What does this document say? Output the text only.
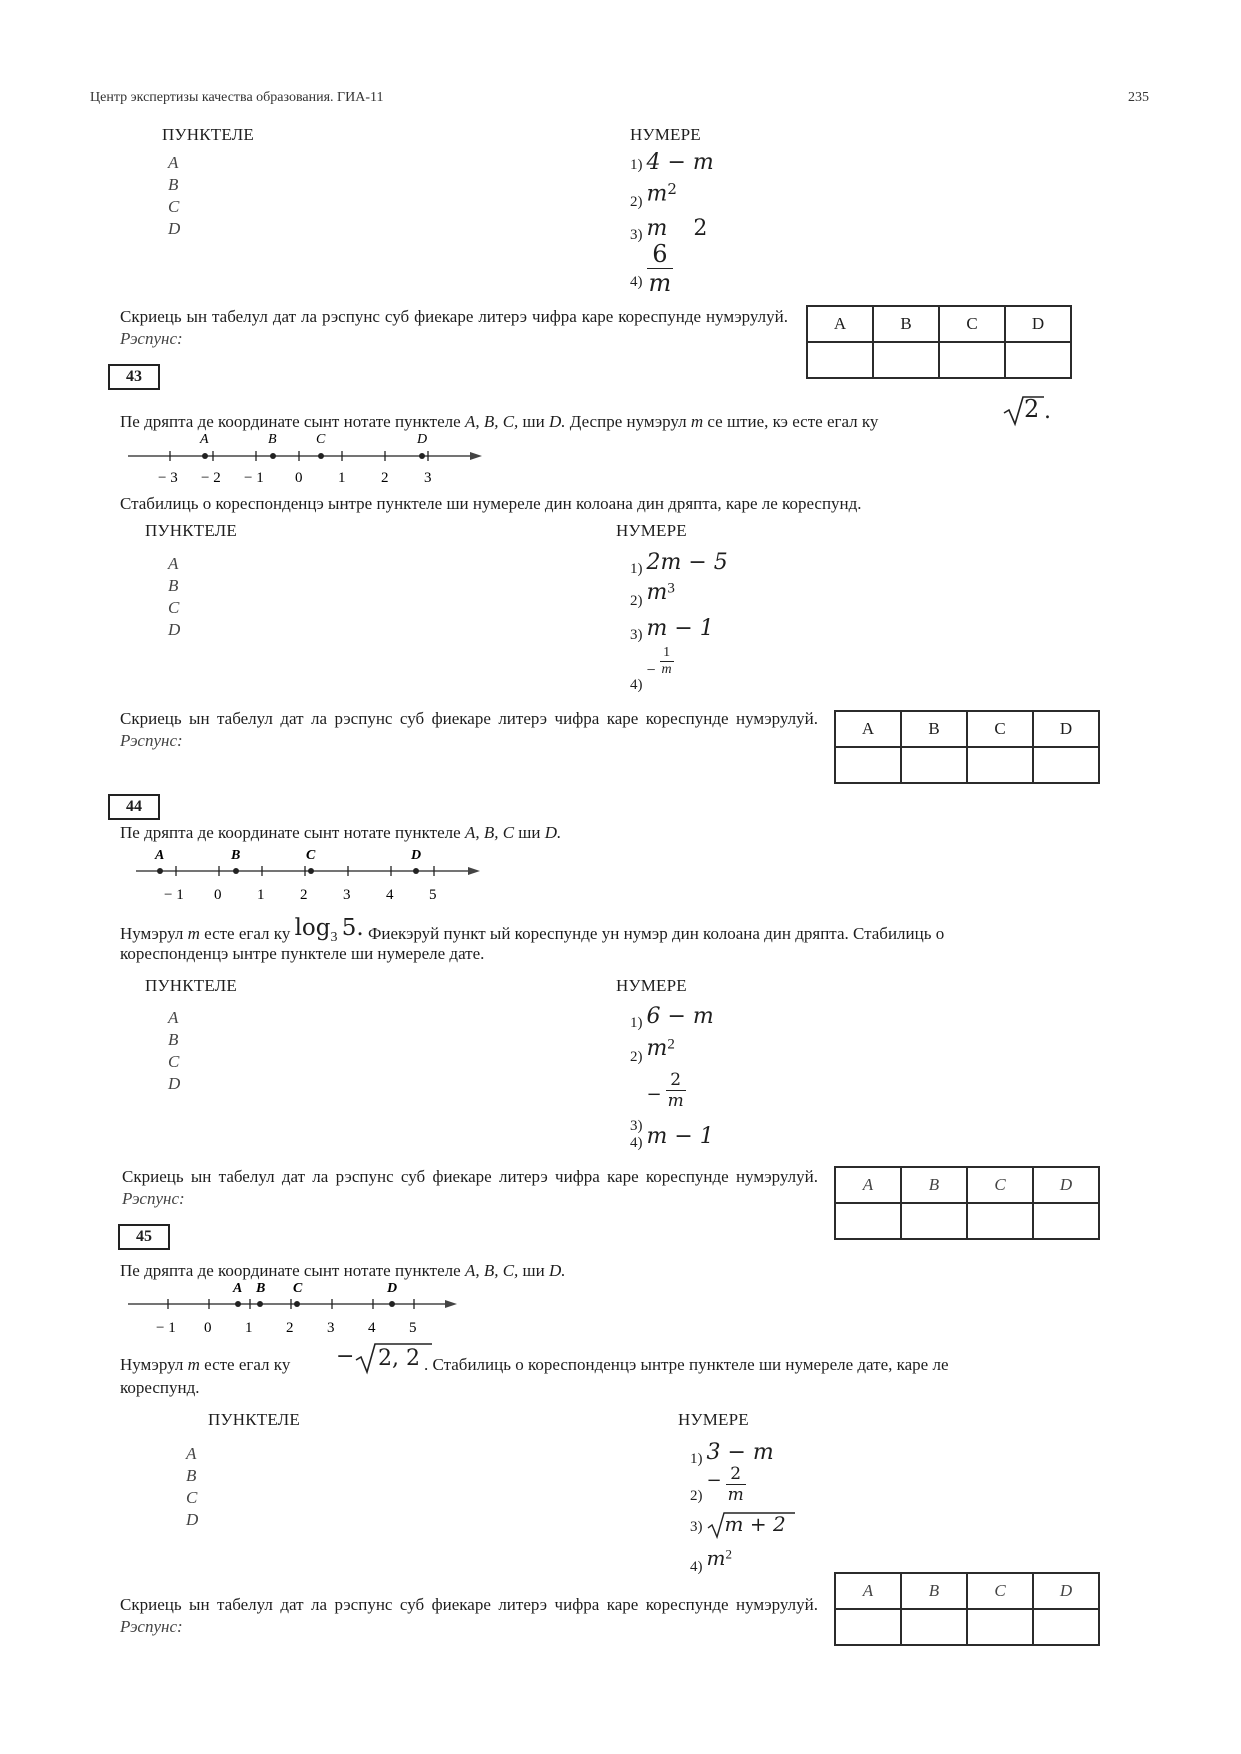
Центр экспертизы качества образования. ГИА-11	235
ПУНКТЕЛЕ	НУМЕРЕ
A
B
C
D
1) 4 − m
2) $m^2$
3) m 2
$4) \frac{6}{m}$
Скриець ын табелул дат ла рэспунс суб фиекаре литерэ чифра каре кореспунде нумэрулуй. Рэспунс:
A	B	C	D

43
Пе дряпта де координате сынт нотате пунктеле A, B, C, ши D. Деспре нумэрул m се штие, кэ есте егал ку	2 .
A	B	C	D
− 3 − 2 − 1 0 1 2 3
Стабилиць о кореспонденцэ ынтре пунктеле ши нумереле дин колоана дин дряпта, каре ле кореспунд.
ПУНКТЕЛЕ	НУМЕРЕ
A
B
C
D
1) 2m − 5
2) $m^3$
3) m − 1
$4) - \frac{1}{m}$
Скриець ын табелул дат ла рэспунс суб фиекаре литерэ чифра каре кореспунде нумэрулуй. Рэспунс:
A	B	C	D

44
Пе дряпта де координате сынт нотате пунктеле A, B, C ши D.
A	B	C	D
− 1 0 1 2 3 4 5
Нумэрул m есте егал ку $\log_3 5$. Фиекэруй пункт ый кореспунде ун нумэр дин колоана дин дряпта. Стабилиць о
кореспонденцэ ынтре пунктеле ши нумереле дате.
ПУНКТЕЛЕ	НУМЕРЕ
A
B
C
D
1) 6 − m
2) $m^2$
$3) - \frac{2}{m}$
4) m − 1
Скриець ын табелул дат ла рэспунс суб фиекаре литерэ чифра каре кореспунде нумэрулуй. Рэспунс:
A	B	C	D

45
Пе дряпта де координате сынт нотате пунктеле A, B, C, ши D.
A B C	D
− 1 0 1 2 3 4 5
Нумэрул m есте егал ку	− 2, 2 . Стабилиць о кореспонденцэ ынтре пунктеле ши нумереле дате, каре ле
кореспунд.
ПУНКТЕЛЕ	НУМЕРЕ
A
B
C
D
1) 3 − m
$2) - \frac{2}{m}$
3) m + 2
4) $m^2$
Скриець ын табелул дат ла рэспунс суб фиекаре литерэ чифра каре кореспунде нумэрулуй. Рэспунс:
A	B	C	D
